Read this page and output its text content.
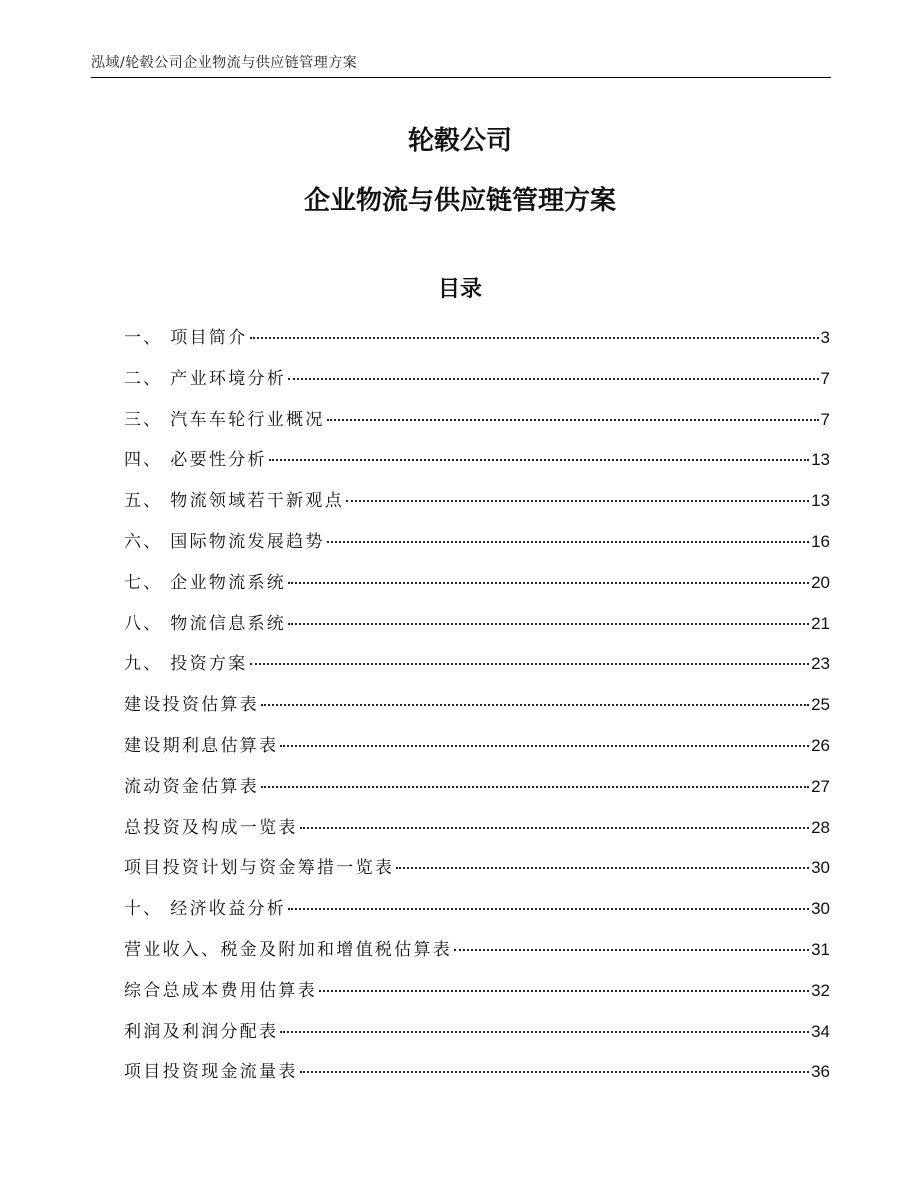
泓域/轮毂公司企业物流与供应链管理方案
轮毂公司
企业物流与供应链管理方案
目录
一、 项目简介	3
二、 产业环境分析	7
三、 汽车车轮行业概况	7
四、 必要性分析	13
五、 物流领域若干新观点	13
六、 国际物流发展趋势	16
七、 企业物流系统	20
八、 物流信息系统	21
九、 投资方案	23
建设投资估算表	25
建设期利息估算表	26
流动资金估算表	27
总投资及构成一览表	28
项目投资计划与资金筹措一览表	30
十、 经济收益分析	30
营业收入、税金及附加和增值税估算表	31
综合总成本费用估算表	32
利润及利润分配表	34
项目投资现金流量表	36
